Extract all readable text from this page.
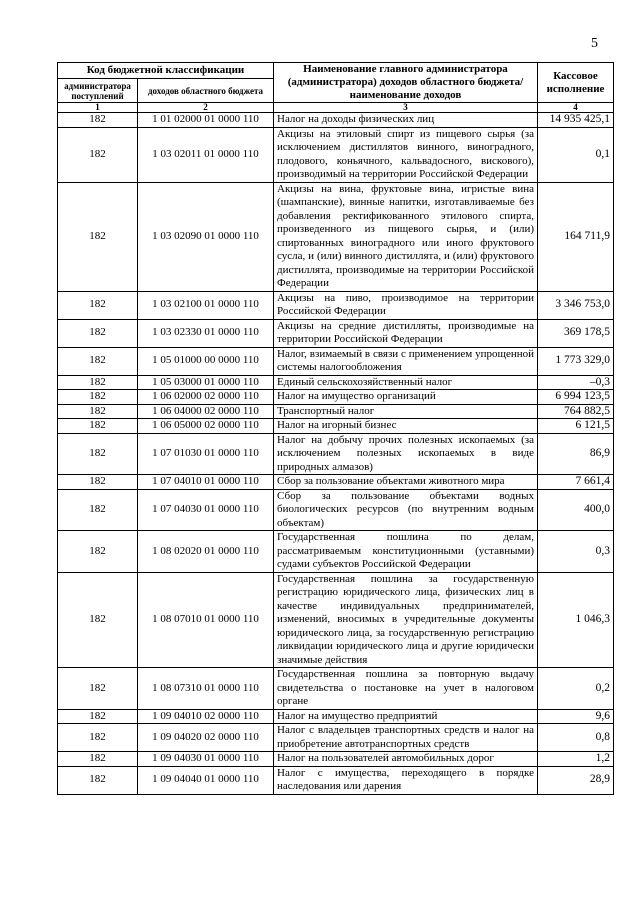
5
Код бюджетной классификации		Наименование главного администратора (администратора) доходов областного бюджета/ наименование доходов	Кассовое исполнение
администратора поступлений	доходов областного бюджета		
1	2	3	4
182	1 01 02000 01 0000 110	Налог на доходы физических лиц	14 935 425,1
182	1 03 02011 01 0000 110	Акцизы на этиловый спирт из пищевого сырья (за исключением дистиллятов винного, виноградного, плодового, коньячного, кальвадосного, вискового), производимый на территории Российской Федерации	0,1
182	1 03 02090 01 0000 110	Акцизы на вина, фруктовые вина, игристые вина (шампанские), винные напитки, изготавливаемые без добавления ректификованного этилового спирта, произведенного из пищевого сырья, и (или) спиртованных виноградного или иного фруктового сусла, и (или) винного дистиллята, и (или) фруктового дистиллята, производимые на территории Российской Федерации	164 711,9
182	1 03 02100 01 0000 110	Акцизы на пиво, производимое на территории Российской Федерации	3 346 753,0
182	1 03 02330 01 0000 110	Акцизы на средние дистилляты, производимые на территории Российской Федерации	369 178,5
182	1 05 01000 00 0000 110	Налог, взимаемый в связи с применением упрощенной системы налогообложения	1 773 329,0
182	1 05 03000 01 0000 110	Единый сельскохозяйственный налог	–0,3
182	1 06 02000 02 0000 110	Налог на имущество организаций	6 994 123,5
182	1 06 04000 02 0000 110	Транспортный налог	764 882,5
182	1 06 05000 02 0000 110	Налог на игорный бизнес	6 121,5
182	1 07 01030 01 0000 110	Налог на добычу прочих полезных ископаемых (за исключением полезных ископаемых в виде природных алмазов)	86,9
182	1 07 04010 01 0000 110	Сбор за пользование объектами животного мира	7 661,4
182	1 07 04030 01 0000 110	Сбор за пользование объектами водных биологических ресурсов (по внутренним водным объектам)	400,0
182	1 08 02020 01 0000 110	Государственная пошлина по делам, рассматриваемым конституционными (уставными) судами субъектов Российской Федерации	0,3
182	1 08 07010 01 0000 110	Государственная пошлина за государственную регистрацию юридического лица, физических лиц в качестве индивидуальных предпринимателей, изменений, вносимых в учредительные документы юридического лица, за государственную регистрацию ликвидации юридического лица и другие юридически значимые действия	1 046,3
182	1 08 07310 01 0000 110	Государственная пошлина за повторную выдачу свидетельства о постановке на учет в налоговом органе	0,2
182	1 09 04010 02 0000 110	Налог на имущество предприятий	9,6
182	1 09 04020 02 0000 110	Налог с владельцев транспортных средств и налог на приобретение автотранспортных средств	0,8
182	1 09 04030 01 0000 110	Налог на пользователей автомобильных дорог	1,2
182	1 09 04040 01 0000 110	Налог с имущества, переходящего в порядке наследования или дарения	28,9
